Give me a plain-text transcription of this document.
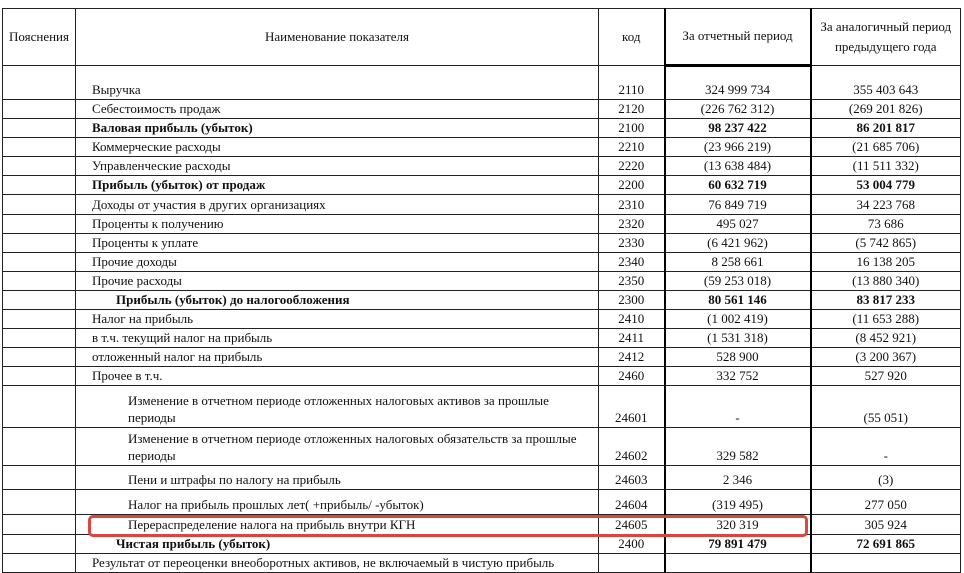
Пояснения	Наименование показателя	код	За отчетный период	За аналогичный период предыдущего года
	Выручка	2110	324 999 734	355 403 643
	Себестоимость продаж	2120	(226 762 312)	(269 201 826)
	Валовая прибыль (убыток)	2100	98 237 422	86 201 817
	Коммерческие расходы	2210	(23 966 219)	(21 685 706)
	Управленческие расходы	2220	(13 638 484)	(11 511 332)
	Прибыль (убыток) от продаж	2200	60 632 719	53 004 779
	Доходы от участия в других организациях	2310	76 849 719	34 223 768
	Проценты к получению	2320	495 027	73 686
	Проценты к уплате	2330	(6 421 962)	(5 742 865)
	Прочие доходы	2340	8 258 661	16 138 205
	Прочие расходы	2350	(59 253 018)	(13 880 340)
	Прибыль (убыток) до налогообложения	2300	80 561 146	83 817 233
	Налог на прибыль	2410	(1 002 419)	(11 653 288)
	в т.ч. текущий налог на прибыль	2411	(1 531 318)	(8 452 921)
	отложенный налог на прибыль	2412	528 900	(3 200 367)
	Прочее в т.ч.	2460	332 752	527 920
	Изменение в отчетном периоде отложенных налоговых активов за прошлые периоды	24601	-	(55 051)
	Изменение в отчетном периоде отложенных налоговых обязательств за прошлые периоды	24602	329 582	-
	Пени и штрафы по налогу на прибыль	24603	2 346	(3)
	Налог на прибыль прошлых лет( +прибыль/ -убыток)	24604	(319 495)	277 050
	Перераспределение налога на прибыль внутри КГН	24605	320 319	305 924
	Чистая прибыль (убыток)	2400	79 891 479	72 691 865
	Результат от переоценки внеоборотных активов, не включаемый в чистую прибыль			
